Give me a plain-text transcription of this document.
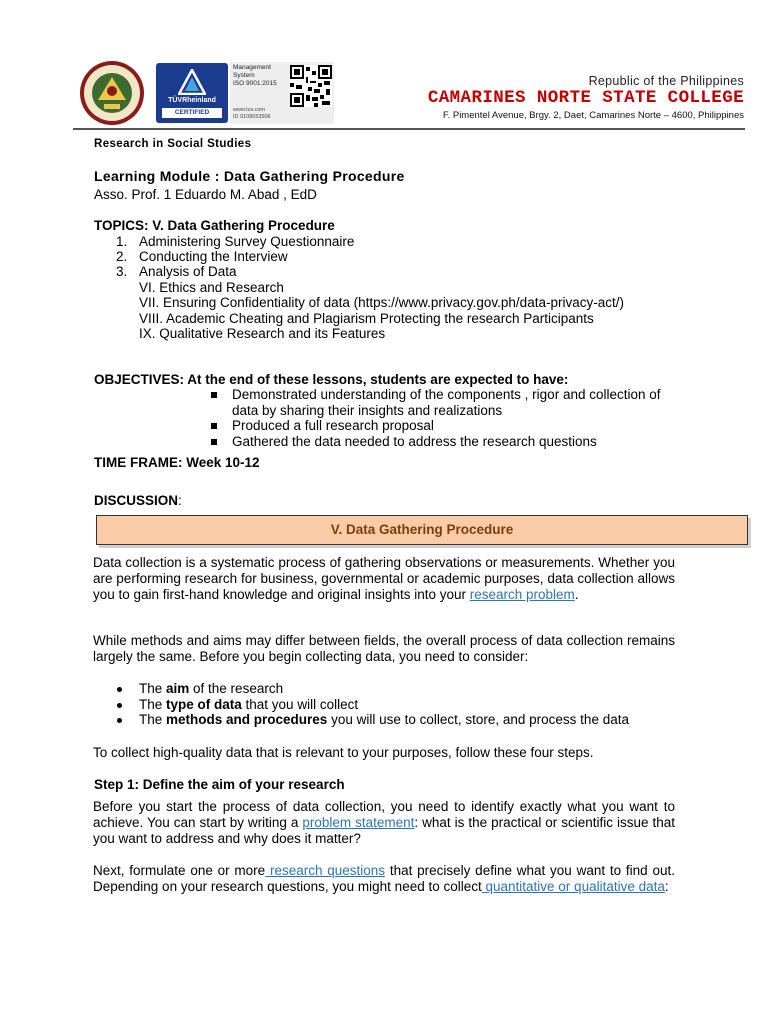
TÜVRheinland
CERTIFIED
Management
System
ISO 9001:2015
www.tuv.com
ID 9108653506
Republic of the Philippines
CAMARINES NORTE STATE COLLEGE
F. Pimentel Avenue, Brgy. 2, Daet, Camarines Norte – 4600, Philippines
Research in Social Studies
Learning Module : Data Gathering Procedure
Asso. Prof. 1 Eduardo M. Abad , EdD
TOPICS: V. Data Gathering Procedure
1. Administering Survey Questionnaire
2. Conducting the Interview
3. Analysis of Data
VI. Ethics and Research
VII. Ensuring Confidentiality of data (https://www.privacy.gov.ph/data-privacy-act/)
VIII. Academic Cheating and Plagiarism Protecting the research Participants
IX. Qualitative Research and its Features
OBJECTIVES: At the end of these lessons, students are expected to have:
Demonstrated understanding of the components , rigor and collection of data by sharing their insights and realizations
Produced a full research proposal
Gathered the data needed to address the research questions
TIME FRAME: Week 10-12
DISCUSSION:
V. Data Gathering Procedure
Data collection is a systematic process of gathering observations or measurements. Whether you are performing research for business, governmental or academic purposes, data collection allows you to gain first-hand knowledge and original insights into your research problem.
While methods and aims may differ between fields, the overall process of data collection remains largely the same. Before you begin collecting data, you need to consider:
The aim of the research
The type of data that you will collect
The methods and procedures you will use to collect, store, and process the data
To collect high-quality data that is relevant to your purposes, follow these four steps.
Step 1: Define the aim of your research
Before you start the process of data collection, you need to identify exactly what you want to achieve. You can start by writing a problem statement: what is the practical or scientific issue that you want to address and why does it matter?
Next, formulate one or more research questions that precisely define what you want to find out. Depending on your research questions, you might need to collect quantitative or qualitative data:
